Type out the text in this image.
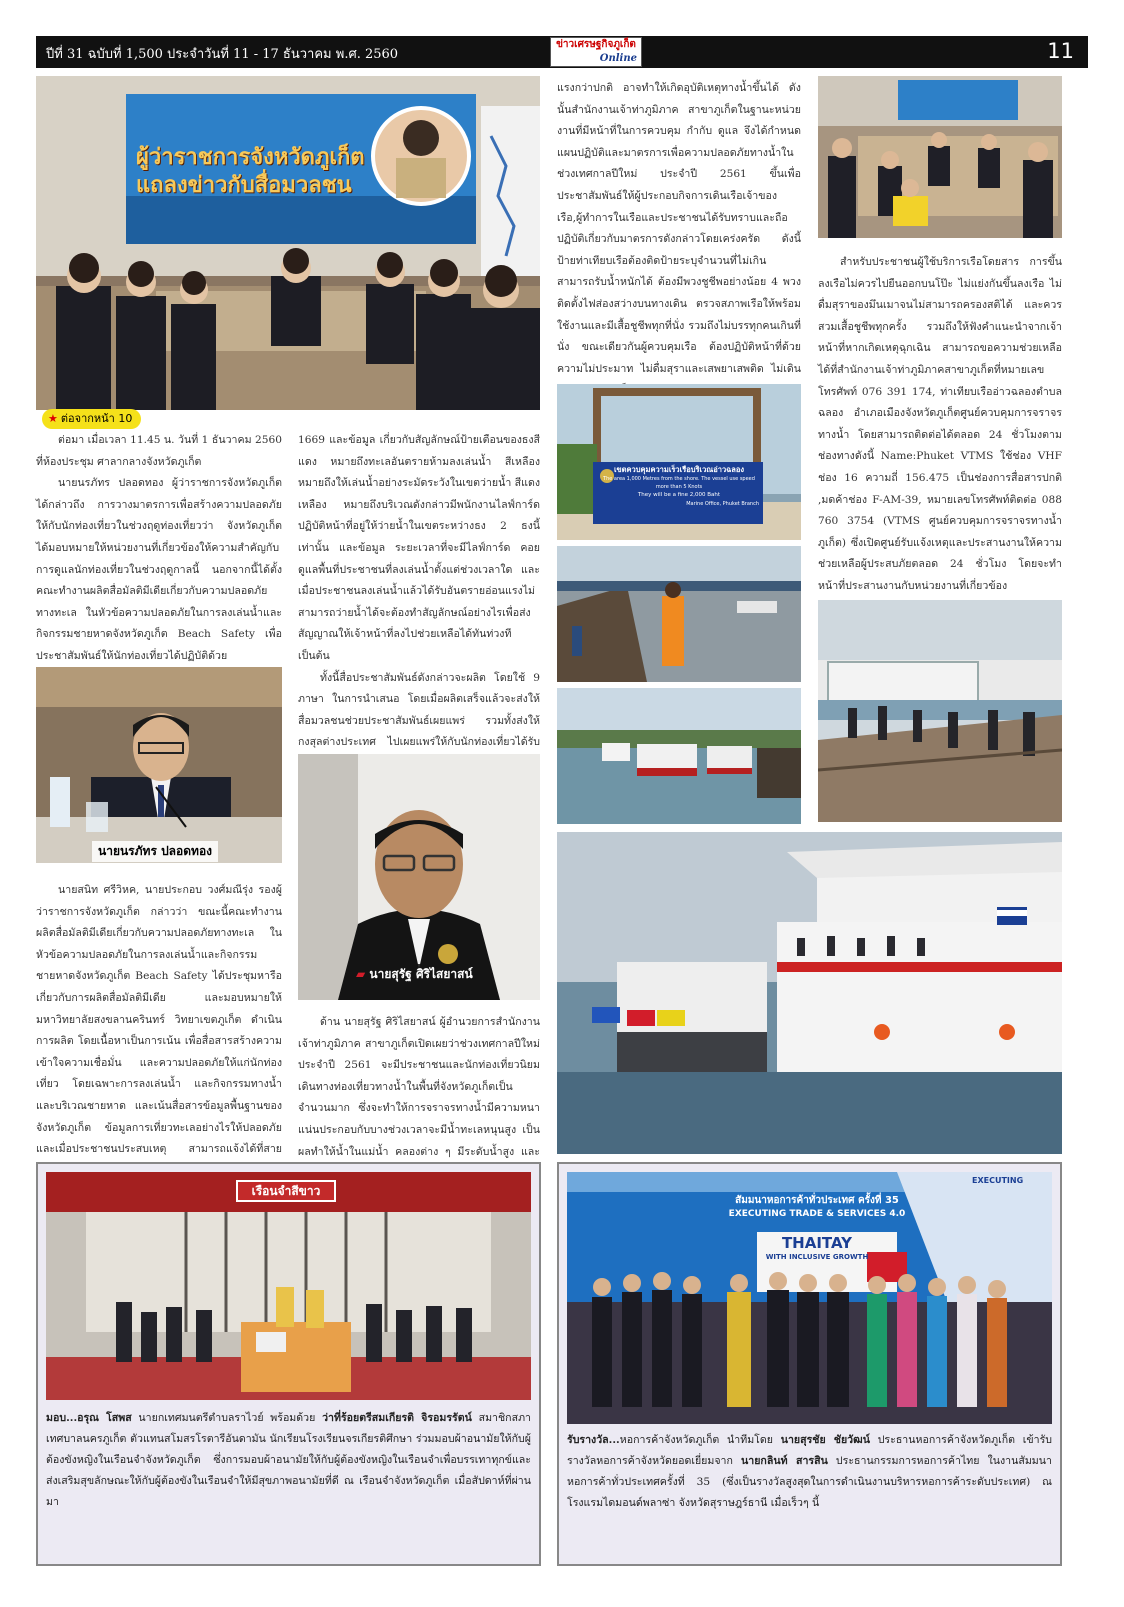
ปีที่ 31 ฉบับที่ 1,500 ประจำวันที่ 11 - 17 ธันวาคม พ.ศ. 2560
ข่าวเศรษฐกิจภูเก็ต
Online	11
ผู้ว่าราชการจังหวัดภูเก็ต
แถลงข่าวกับสื่อมวลชน
★ ต่อจากหน้า 10

ต่อมา เมื่อเวลา 11.45 น. วันที่ 1 ธันวาคม 2560 ที่ห้องประชุม ศาลากลางจังหวัดภูเก็ต

นายนรภัทร ปลอดทอง ผู้ว่าราชการจังหวัดภูเก็ต ได้กล่าวถึง การวางมาตรการเพื่อสร้างความปลอดภัยให้กับนักท่องเที่ยวในช่วงฤดูท่องเที่ยวว่า จังหวัดภูเก็ตได้มอบหมายให้หน่วยงานที่เกี่ยวข้องให้ความสำคัญกับการดูแลนักท่องเที่ยวในช่วงฤดูกาลนี้ นอกจากนี้ได้ตั้งคณะทำงานผลิตสื่อมัลติมีเดียเกี่ยวกับความปลอดภัยทางทะเล ในหัวข้อความปลอดภัยในการลงเล่นน้ำและกิจกรรมชายหาดจังหวัดภูเก็ต Beach Safety เพื่อประชาสัมพันธ์ให้นักท่องเที่ยวได้ปฏิบัติด้วย

นายนรภัทร ปลอดทอง

นายสนิท ศรีวิหค, นายประกอบ วงศ์มณีรุ่ง รองผู้ว่าราชการจังหวัดภูเก็ต กล่าวว่า ขณะนี้คณะทำงานผลิตสื่อมัลติมีเดียเกี่ยวกับความปลอดภัยทางทะเล ในหัวข้อความปลอดภัยในการลงเล่นน้ำและกิจกรรมชายหาดจังหวัดภูเก็ต Beach Safety ได้ประชุมหารือเกี่ยวกับการผลิตสื่อมัลติมีเดีย และมอบหมายให้มหาวิทยาลัยสงขลานครินทร์ วิทยาเขตภูเก็ต ดำเนินการผลิต โดยเนื้อหาเป็นการเน้น เพื่อสื่อสารสร้างความเข้าใจความเชื่อมั่น และความปลอดภัยให้แก่นักท่องเที่ยว โดยเฉพาะการลงเล่นน้ำ และกิจกรรมทางน้ำ และบริเวณชายหาด และเน้นสื่อสารข้อมูลพื้นฐานของจังหวัดภูเก็ต ข้อมูลการเที่ยวทะเลอย่างไรให้ปลอดภัย และเมื่อประชาชนประสบเหตุ สามารถแจ้งได้ที่สาย

1669 และข้อมูล เกี่ยวกับสัญลักษณ์ป้ายเตือนของธงสีแดง หมายถึงทะเลอันตรายห้ามลงเล่นน้ำ สีเหลือง หมายถึงให้เล่นน้ำอย่างระมัดระวังในเขตว่ายน้ำ สีแดงเหลือง หมายถึงบริเวณดังกล่าวมีพนักงานไลฟ์การ์ดปฏิบัติหน้าที่อยู่ให้ว่ายน้ำในเขตระหว่างธง 2 ธงนี้เท่านั้น และข้อมูล ระยะเวลาที่จะมีไลฟ์การ์ด คอยดูแลพื้นที่ประชาชนที่ลงเล่นน้ำตั้งแต่ช่วงเวลาใด และเมื่อประชาชนลงเล่นน้ำแล้วได้รับอันตรายอ่อนแรงไม่สามารถว่ายน้ำได้จะต้องทำสัญลักษณ์อย่างไรเพื่อส่งสัญญาณให้เจ้าหน้าที่ลงไปช่วยเหลือได้ทันท่วงที เป็นต้น

ทั้งนี้สื่อประชาสัมพันธ์ดังกล่าวจะผลิต โดยใช้ 9 ภาษา ในการนำเสนอ โดยเมื่อผลิตเสร็จแล้วจะส่งให้สื่อมวลชนช่วยประชาสัมพันธ์เผยแพร่ รวมทั้งส่งให้กงสุลต่างประเทศ ไปเผยแพร่ให้กับนักท่องเที่ยวได้รับ

▰ นายสุรัฐ ศิริไสยาสน์

ด้าน นายสุรัฐ ศิริไสยาสน์ ผู้อำนวยการสำนักงานเจ้าท่าภูมิภาค สาขาภูเก็ตเปิดเผยว่าช่วงเทศกาลปีใหม่ประจำปี 2561 จะมีประชาชนและนักท่องเที่ยวนิยมเดินทางท่องเที่ยวทางน้ำในพื้นที่จังหวัดภูเก็ตเป็นจำนวนมาก ซึ่งจะทำให้การจราจรทางน้ำมีความหนาแน่นประกอบกับบางช่วงเวลาจะมีน้ำทะเลหนุนสูง เป็นผลทำให้น้ำในแม่น้ำ คลองต่าง ๆ มีระดับน้ำสูง และ

แรงกว่าปกติ อาจทำให้เกิดอุบัติเหตุทางน้ำขึ้นได้ ดังนั้นสำนักงานเจ้าท่าภูมิภาค สาขาภูเก็ตในฐานะหน่วยงานที่มีหน้าที่ในการควบคุม กำกับ ดูแล จึงได้กำหนดแผนปฏิบัติและมาตรการเพื่อความปลอดภัยทางน้ำในช่วงเทศกาลปีใหม่ ประจำปี 2561 ขึ้นเพื่อประชาสัมพันธ์ให้ผู้ประกอบกิจการเดินเรือเจ้าของเรือ,ผู้ทำการในเรือและประชาชนได้รับทราบและถือปฏิบัติเกี่ยวกับมาตรการดังกล่าวโดยเคร่งครัด ดังนี้ ป้ายท่าเทียบเรือต้องติดป้ายระบุจำนวนที่ไม่เกินสามารถรับน้ำหนักได้ ต้องมีพวงชูชีพอย่างน้อย 4 พวง ติดตั้งไฟส่องสว่างบนทางเดิน ตรวจสภาพเรือให้พร้อมใช้งานและมีเสื้อชูชีพทุกที่นั่ง รวมถึงไม่บรรทุกคนเกินที่นั่ง ขณะเดียวกันผู้ควบคุมเรือ ต้องปฏิบัติหน้าที่ด้วยความไม่ประมาท ไม่ดื่มสุราและเสพยาเสพติด ไม่เดิน

เขตควบคุมความเร็วเรือบริเวณอ่าวฉลอง
The area 1,000 Metres from the shore. The vessel use speed more than 5 Knots
They will be a fine 2,000 Baht
Marine Office, Phuket Branch

สำหรับประชาชนผู้ใช้บริการเรือโดยสาร การขึ้นลงเรือไม่ควรไปยืนออกบนโป๊ะ ไม่แย่งกันขึ้นลงเรือ ไม่ดื่มสุราของมึนเมาจนไม่สามารถครองสติได้ และควรสวมเสื้อชูชีพทุกครั้ง รวมถึงให้ฟังคำแนะนำจากเจ้าหน้าที่หากเกิดเหตุฉุกเฉิน สามารถขอความช่วยเหลือได้ที่สำนักงานเจ้าท่าภูมิภาคสาขาภูเก็ตที่หมายเลขโทรศัพท์ 076 391 174, ท่าเทียบเรืออ่าวฉลองตำบลฉลอง อำเภอเมืองจังหวัดภูเก็ตศูนย์ควบคุมการจราจรทางน้ำ โดยสามารถติดต่อได้ตลอด 24 ชั่วโมงตามช่องทางดังนี้ Name:Phuket VTMS ใช้ช่อง VHF ช่อง 16 ความถี่ 156.475 เป็นช่องการสื่อสารปกติ ,มดค้าช่อง F-AM-39, หมายเลขโทรศัพท์ติดต่อ 088 760 3754 (VTMS ศูนย์ควบคุมการจราจรทางน้ำภูเก็ต) ซึ่งเปิดศูนย์รับแจ้งเหตุและประสานงานให้ความช่วยเหลือผู้ประสบภัยตลอด 24 ชั่วโมง โดยจะทำหน้าที่ประสานงานกับหน่วยงานที่เกี่ยวข้อง

เรือนจำสีขาว
มอบ...อรุณ โสพส นายกเทศมนตรีตำบลราไวย์ พร้อมด้วย ว่าที่ร้อยตรีสมเกียรติ จิรอมรรัตน์ สมาชิกสภาเทศบาลนครภูเก็ต ตัวแทนสโมสรโรตารีอันดามัน นักเรียนโรงเรียนจรเกียรติศึกษา ร่วมมอบผ้าอนามัยให้กับผู้ต้องขังหญิงในเรือนจำจังหวัดภูเก็ต ซึ่งการมอบผ้าอนามัยให้กับผู้ต้องขังหญิงในเรือนจำเพื่อบรรเทาทุกข์และส่งเสริมสุขลักษณะให้กับผู้ต้องขังในเรือนจำให้มีสุขภาพอนามัยที่ดี ณ เรือนจำจังหวัดภูเก็ต เมื่อสัปดาห์ที่ผ่านมา
สัมมนาหอการค้าทั่วประเทศ ครั้งที่ 35
EXECUTING TRADE & SERVICES 4.0
THAITAY
WITH INCLUSIVE GROWTH
EXECUTING
รับรางวัล...หอการค้าจังหวัดภูเก็ต นำทีมโดย นายสุรชัย ชัยวัฒน์ ประธานหอการค้าจังหวัดภูเก็ต เข้ารับรางวัลหอการค้าจังหวัดยอดเยี่ยมจาก นายกลินท์ สารสิน ประธานกรรมการหอการค้าไทย ในงานสัมมนาหอการค้าทั่วประเทศครั้งที่ 35 (ซึ่งเป็นรางวัลสูงสุดในการดำเนินงานบริหารหอการค้าระดับประเทศ) ณ โรงแรมไดมอนด์พลาซ่า จังหวัดสุราษฎร์ธานี เมื่อเร็วๆ นี้
